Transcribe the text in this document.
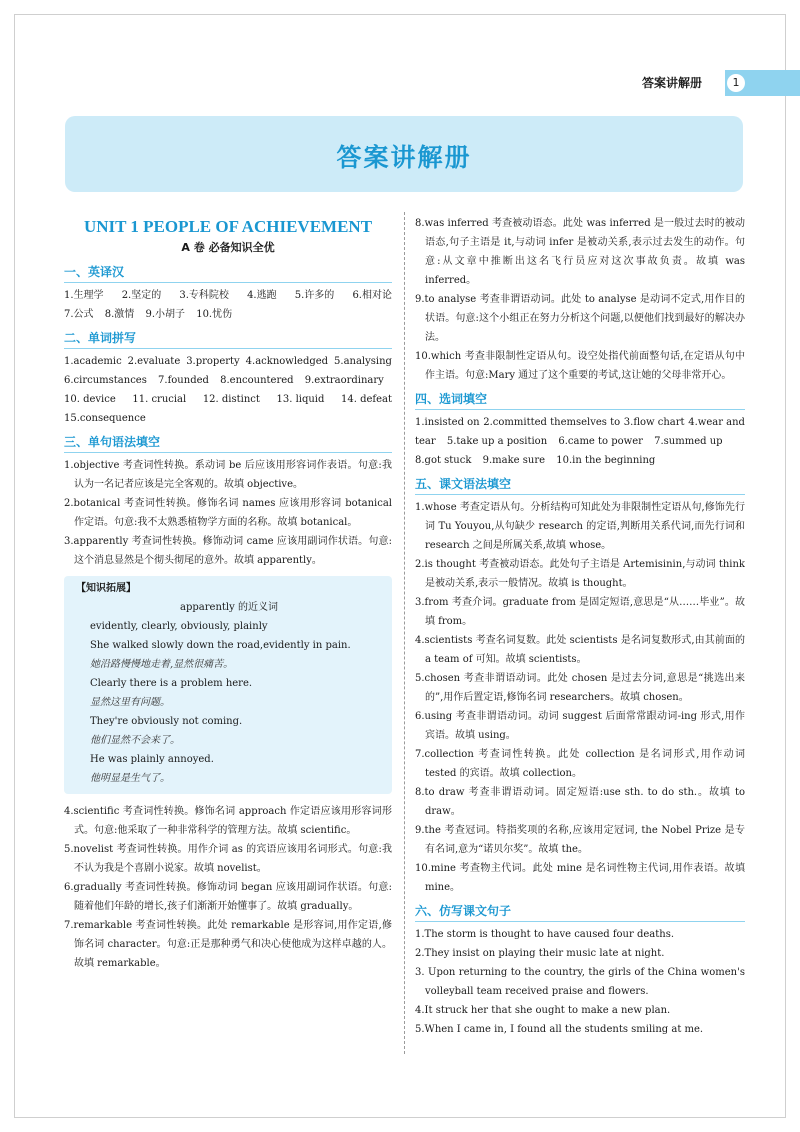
答案讲解册	1
答案讲解册
UNIT 1 PEOPLE OF ACHIEVEMENT
A 卷 必备知识全优
一、英译汉
1.生理学 2.坚定的 3.专科院校 4.逃跑 5.许多的 6.相对论
7.公式 8.激情 9.小胡子 10.忧伤
二、单词拼写
1.academic 2.evaluate 3.property 4.acknowledged 5.analysing
6.circumstances 7.founded 8.encountered 9.extraordinary
10. device 11. crucial 12. distinct 13. liquid 14. defeat
15.consequence
三、单句语法填空
1.objective 考查词性转换。系动词 be 后应该用形容词作表语。句意:我认为一名记者应该是完全客观的。故填 objective。
2.botanical 考查词性转换。修饰名词 names 应该用形容词 botanical 作定语。句意:我不太熟悉植物学方面的名称。故填 botanical。
3.apparently 考查词性转换。修饰动词 came 应该用副词作状语。句意:这个消息显然是个彻头彻尾的意外。故填 apparently。
【知识拓展】
apparently 的近义词
evidently, clearly, obviously, plainly
She walked slowly down the road,evidently in pain.
她沿路慢慢地走着,显然很痛苦。
Clearly there is a problem here.
显然这里有问题。
They're obviously not coming.
他们显然不会来了。
He was plainly annoyed.
他明显是生气了。
4.scientific 考查词性转换。修饰名词 approach 作定语应该用形容词形式。句意:他采取了一种非常科学的管理方法。故填 scientific。
5.novelist 考查词性转换。用作介词 as 的宾语应该用名词形式。句意:我不认为我是个喜剧小说家。故填 novelist。
6.gradually 考查词性转换。修饰动词 began 应该用副词作状语。句意:随着他们年龄的增长,孩子们渐渐开始懂事了。故填 gradually。
7.remarkable 考查词性转换。此处 remarkable 是形容词,用作定语,修饰名词 character。句意:正是那种勇气和决心使他成为这样卓越的人。故填 remarkable。
8.was inferred 考查被动语态。此处 was inferred 是一般过去时的被动语态,句子主语是 it,与动词 infer 是被动关系,表示过去发生的动作。句意:从文章中推断出这名飞行员应对这次事故负责。故填 was inferred。
9.to analyse 考查非谓语动词。此处 to analyse 是动词不定式,用作目的状语。句意:这个小组正在努力分析这个问题,以便他们找到最好的解决办法。
10.which 考查非限制性定语从句。设空处指代前面整句话,在定语从句中作主语。句意:Mary 通过了这个重要的考试,这让她的父母非常开心。
四、选词填空
1.insisted on 2.committed themselves to 3.flow chart 4.wear and
tear 5.take up a position 6.came to power 7.summed up
8.got stuck 9.make sure 10.in the beginning
五、课文语法填空
1.whose 考查定语从句。分析结构可知此处为非限制性定语从句,修饰先行词 Tu Youyou,从句缺少 research 的定语,判断用关系代词,而先行词和 research 之间是所属关系,故填 whose。
2.is thought 考查被动语态。此处句子主语是 Artemisinin,与动词 think 是被动关系,表示一般情况。故填 is thought。
3.from 考查介词。graduate from 是固定短语,意思是“从……毕业”。故填 from。
4.scientists 考查名词复数。此处 scientists 是名词复数形式,由其前面的 a team of 可知。故填 scientists。
5.chosen 考查非谓语动词。此处 chosen 是过去分词,意思是“挑选出来的”,用作后置定语,修饰名词 researchers。故填 chosen。
6.using 考查非谓语动词。动词 suggest 后面常常跟动词-ing 形式,用作宾语。故填 using。
7.collection 考查词性转换。此处 collection 是名词形式,用作动词 tested 的宾语。故填 collection。
8.to draw 考查非谓语动词。固定短语:use sth. to do sth.。故填 to draw。
9.the 考查冠词。特指奖项的名称,应该用定冠词, the Nobel Prize 是专有名词,意为“诺贝尔奖”。故填 the。
10.mine 考查物主代词。此处 mine 是名词性物主代词,用作表语。故填 mine。
六、仿写课文句子
1.The storm is thought to have caused four deaths.
2.They insist on playing their music late at night.
3. Upon returning to the country, the girls of the China women's volleyball team received praise and flowers.
4.It struck her that she ought to make a new plan.
5.When I came in, I found all the students smiling at me.
